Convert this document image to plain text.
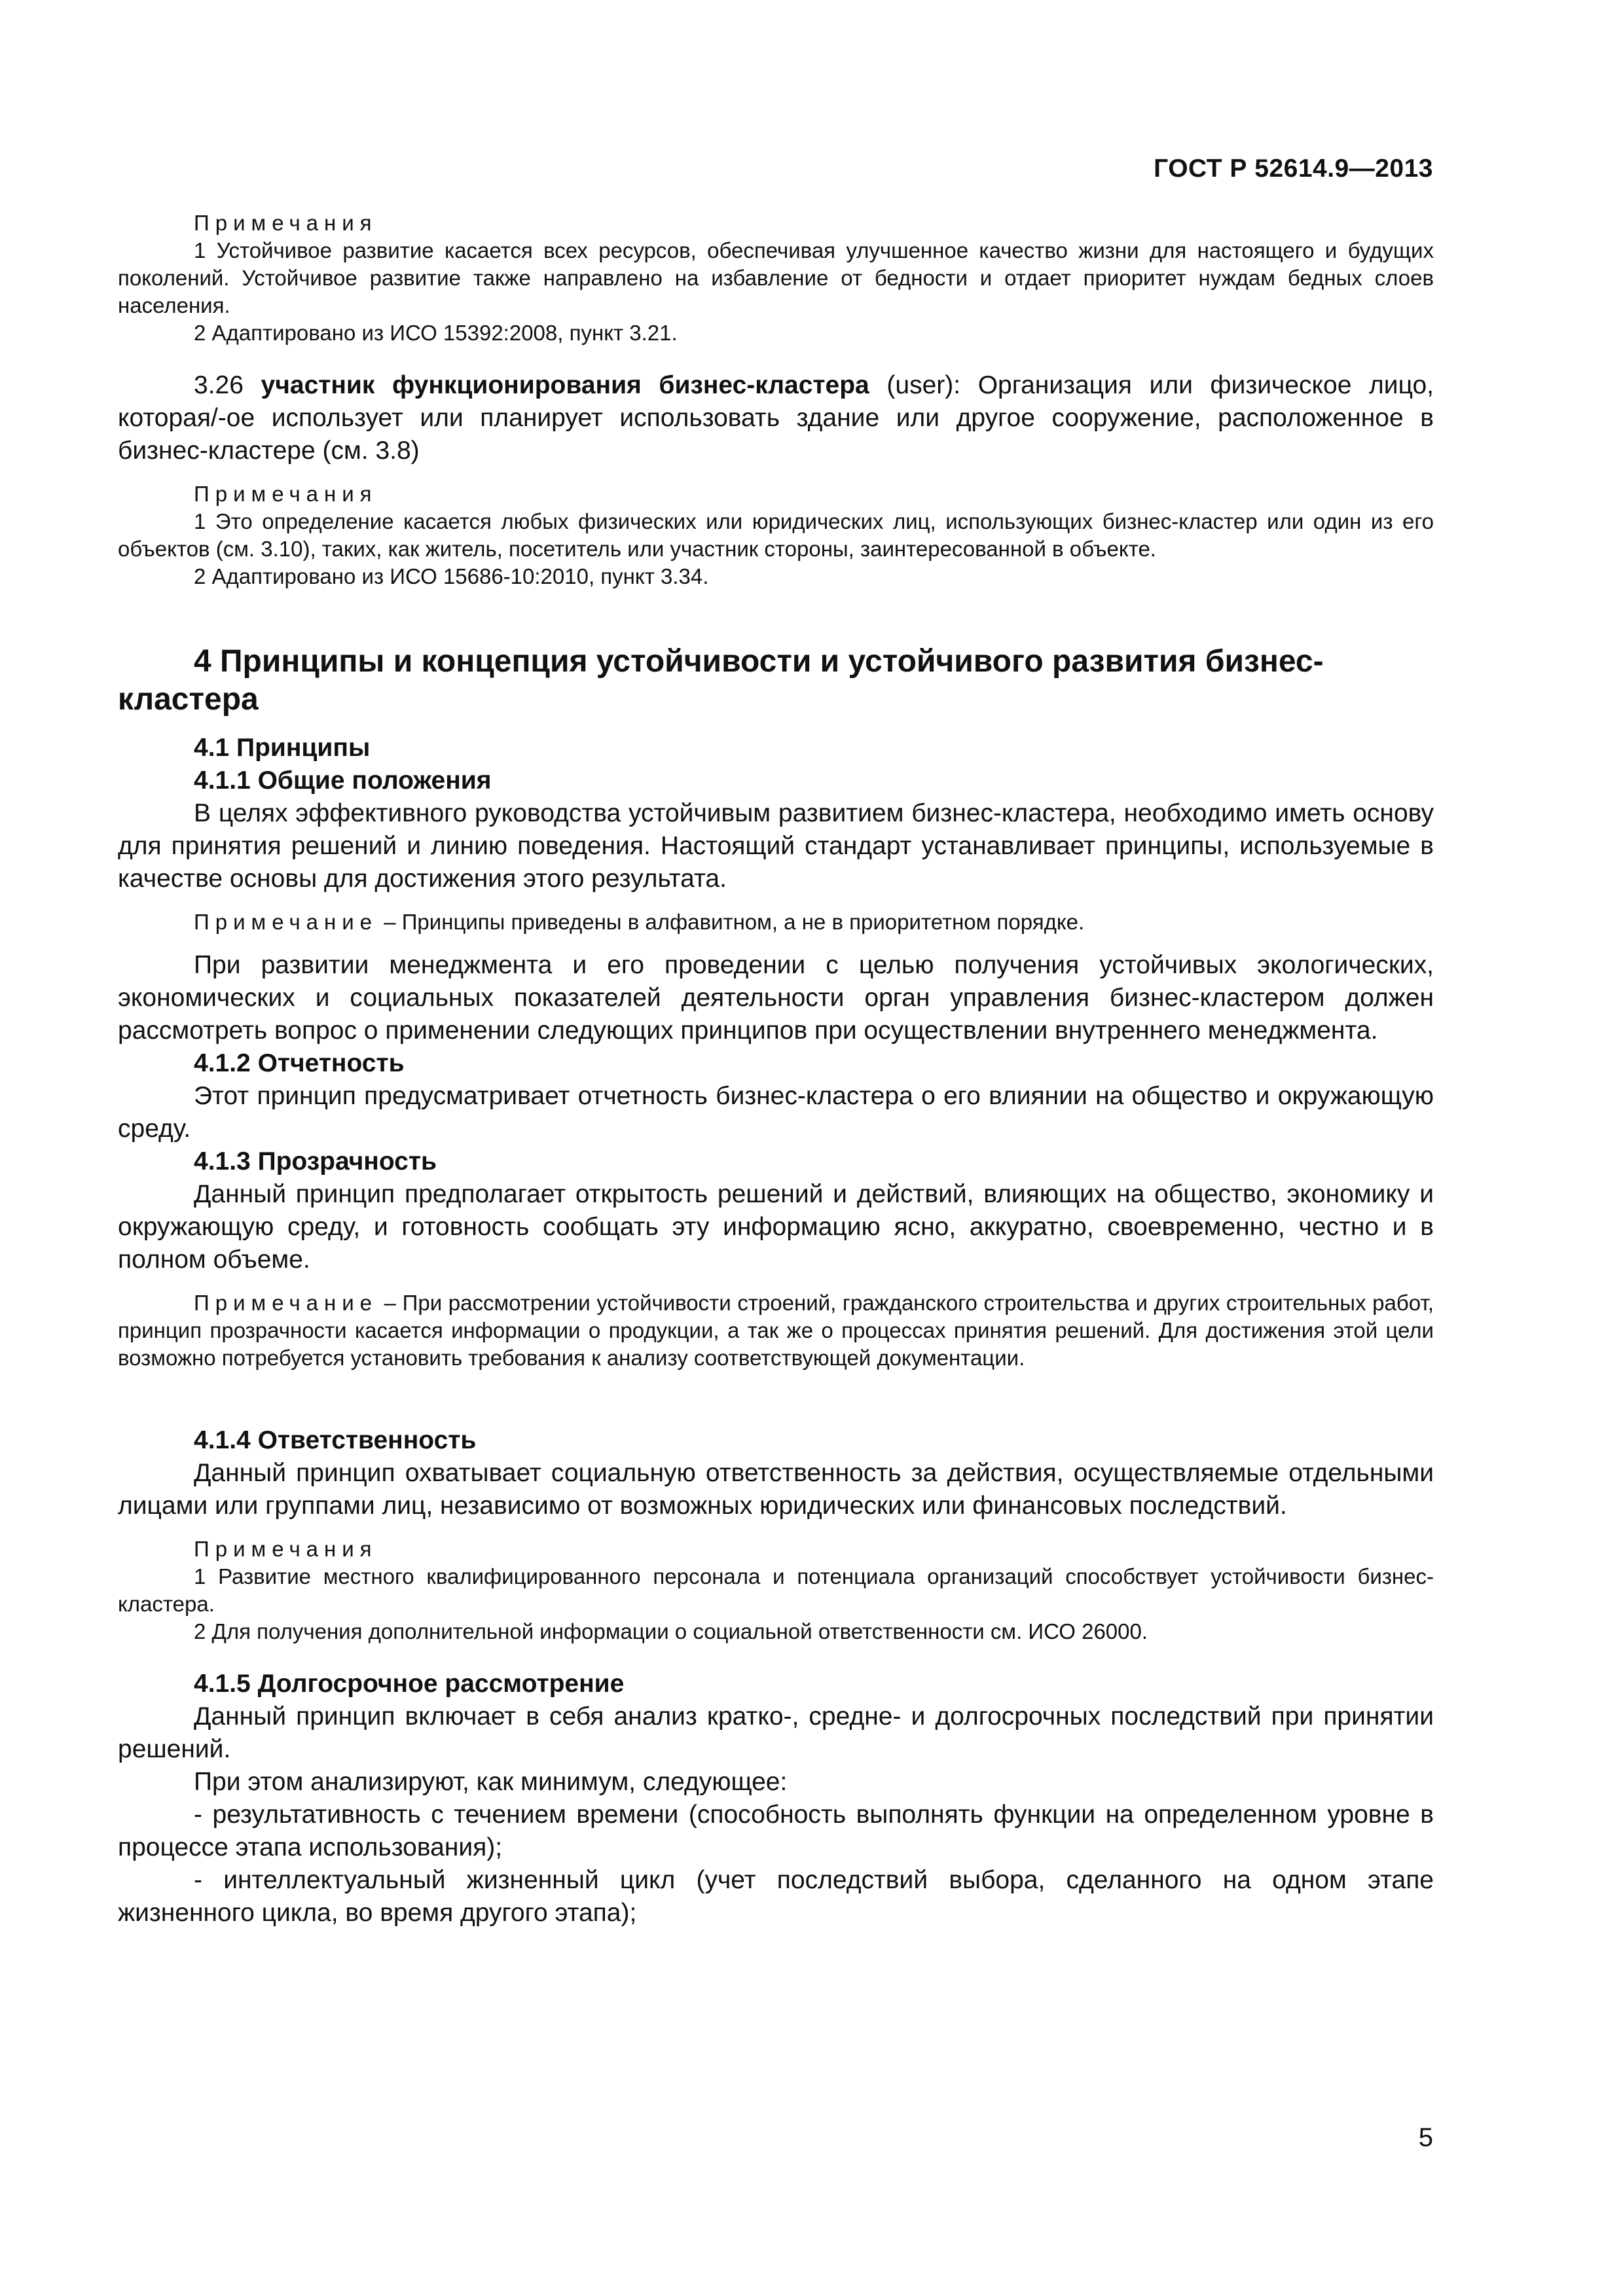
ГОСТ Р 52614.9—2013
Примечания

1 Устойчивое развитие касается всех ресурсов, обеспечивая улучшенное качество жизни для настоящего и будущих поколений. Устойчивое развитие также направлено на избавление от бедности и отдает приоритет нуждам бедных слоев населения.

2 Адаптировано из ИСО 15392:2008, пункт 3.21.

3.26 участник функционирования бизнес-кластера (user): Организация или физическое лицо, которая/-ое использует или планирует использовать здание или другое сооружение, расположенное в бизнес-кластере (см. 3.8)

Примечания

1 Это определение касается любых физических или юридических лиц, использующих бизнес-кластер или один из его объектов (см. 3.10), таких, как житель, посетитель или участник стороны, заинтересованной в объекте.

2 Адаптировано из ИСО 15686-10:2010, пункт 3.34.

4 Принципы и концепция устойчивости и устойчивого развития бизнес-кластера

4.1 Принципы
4.1.1 Общие положения

В целях эффективного руководства устойчивым развитием бизнес-кластера, необходимо иметь основу для принятия решений и линию поведения. Настоящий стандарт устанавливает принципы, используемые в качестве основы для достижения этого результата.

Примечание – Принципы приведены в алфавитном, а не в приоритетном порядке.

При развитии менеджмента и его проведении с целью получения устойчивых экологических, экономических и социальных показателей деятельности орган управления бизнес-кластером должен рассмотреть вопрос о применении следующих принципов при осуществлении внутреннего менеджмента.

4.1.2 Отчетность

Этот принцип предусматривает отчетность бизнес-кластера о его влиянии на общество и окружающую среду.

4.1.3 Прозрачность

Данный принцип предполагает открытость решений и действий, влияющих на общество, экономику и окружающую среду, и готовность сообщать эту информацию ясно, аккуратно, своевременно, честно и в полном объеме.

Примечание – При рассмотрении устойчивости строений, гражданского строительства и других строительных работ, принцип прозрачности касается информации о продукции, а так же о процессах принятия решений. Для достижения этой цели возможно потребуется установить требования к анализу соответствующей документации.

4.1.4 Ответственность

Данный принцип охватывает социальную ответственность за действия, осуществляемые отдельными лицами или группами лиц, независимо от возможных юридических или финансовых последствий.

Примечания

1 Развитие местного квалифицированного персонала и потенциала организаций способствует устойчивости бизнес-кластера.

2 Для получения дополнительной информации о социальной ответственности см. ИСО 26000.

4.1.5 Долгосрочное рассмотрение

Данный принцип включает в себя анализ кратко-, средне- и долгосрочных последствий при принятии решений.

При этом анализируют, как минимум, следующее:

- результативность с течением времени (способность выполнять функции на определенном уровне в процессе этапа использования);

- интеллектуальный жизненный цикл (учет последствий выбора, сделанного на одном этапе жизненного цикла, во время другого этапа);

5
